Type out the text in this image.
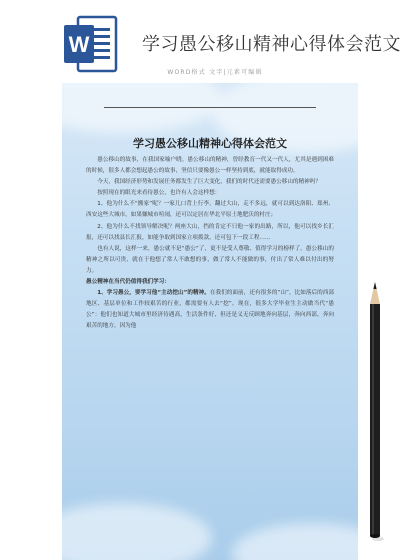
W	学习愚公移山精神心得体会范文
WORD格式 文字|元素可编辑
学习愚公移山精神心得体会范文

愚公移山的故事，在我国家喻户晓。愚公移山的精神，曾经教育一代又一代人，尤其是遇到困难的时候，很多人都会想起愚公的故事，坚信只要像愚公一样坚持到底，就能取得成功。

今天，我国经济形势和发展任务都发生了巨大变化，我们的时代还需要愚公移山的精神吗？

按照现在的眼光来看待愚公，也许有人会这样想：

1、他为什么不“搬家”呢？一家几口背上行李，翻过大山，走不多远，就可以到达洛阳、郑州、西安这些大城市，如果嫌城市喧闹，还可以定居在华北平原土地肥沃的村庄；

2、他为什么不找领导解决呢？两座大山，挡的肯定不只他一家的出路，所以，他可以找乡长汇报，还可以找县长汇报，如能争取到国家立项拨款，还可包下一段工程……

也有人说，这样一来，愚公就不是“愚公”了，更不是受人尊敬、值得学习的榜样了。愚公移山的精神之所以可贵，就在于他想了常人不敢想的事，做了常人不能做的事，付出了常人难以付出的努力。

愚公精神在当代仍值得我们学习：

1、学习愚公，要学习他“主动挖山”的精神。在我们的面前，还有很多的“山”，比如落后的西部地区、基层单位和工作较艰苦的行业，都需要有人去“挖”。现在，很多大学毕业生主动做当代“愚公”：他们也知道大城市里经济待遇高，生活条件好，但还是义无反顾地奔向基层，奔向西部，奔向艰苦的地方，因为他
